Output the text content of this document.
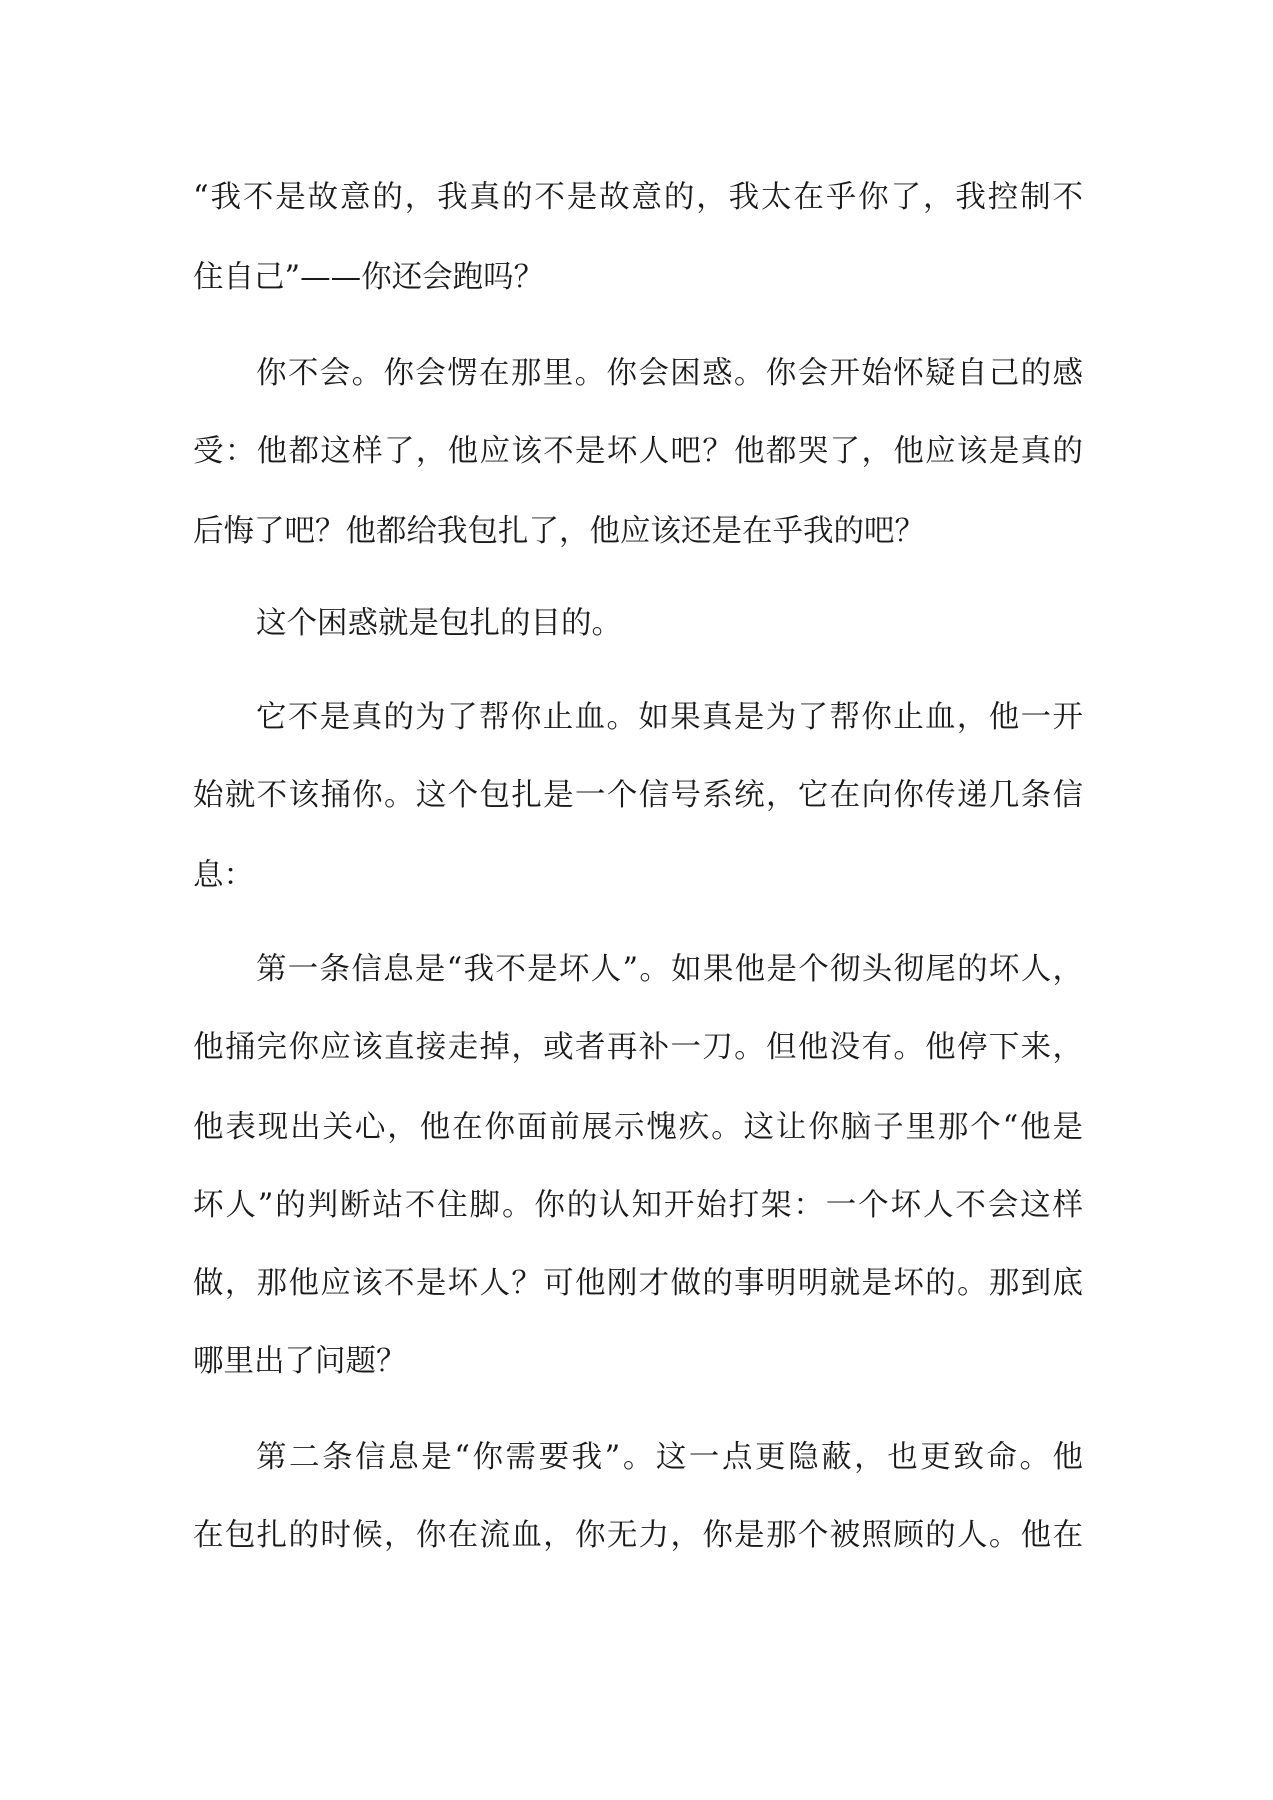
“我不是故意的，我真的不是故意的，我太在乎你了，我控制不
住自己”——你还会跑吗？
你不会。你会愣在那里。你会困惑。你会开始怀疑自己的感
受：他都这样了，他应该不是坏人吧？他都哭了，他应该是真的
后悔了吧？他都给我包扎了，他应该还是在乎我的吧？
这个困惑就是包扎的目的。
它不是真的为了帮你止血。如果真是为了帮你止血，他一开
始就不该捅你。这个包扎是一个信号系统，它在向你传递几条信
息：
第一条信息是“我不是坏人”。如果他是个彻头彻尾的坏人，
他捅完你应该直接走掉，或者再补一刀。但他没有。他停下来，
他表现出关心，他在你面前展示愧疚。这让你脑子里那个“他是
坏人”的判断站不住脚。你的认知开始打架：一个坏人不会这样
做，那他应该不是坏人？可他刚才做的事明明就是坏的。那到底
哪里出了问题？
第二条信息是“你需要我”。这一点更隐蔽，也更致命。他
在包扎的时候，你在流血，你无力，你是那个被照顾的人。他在
